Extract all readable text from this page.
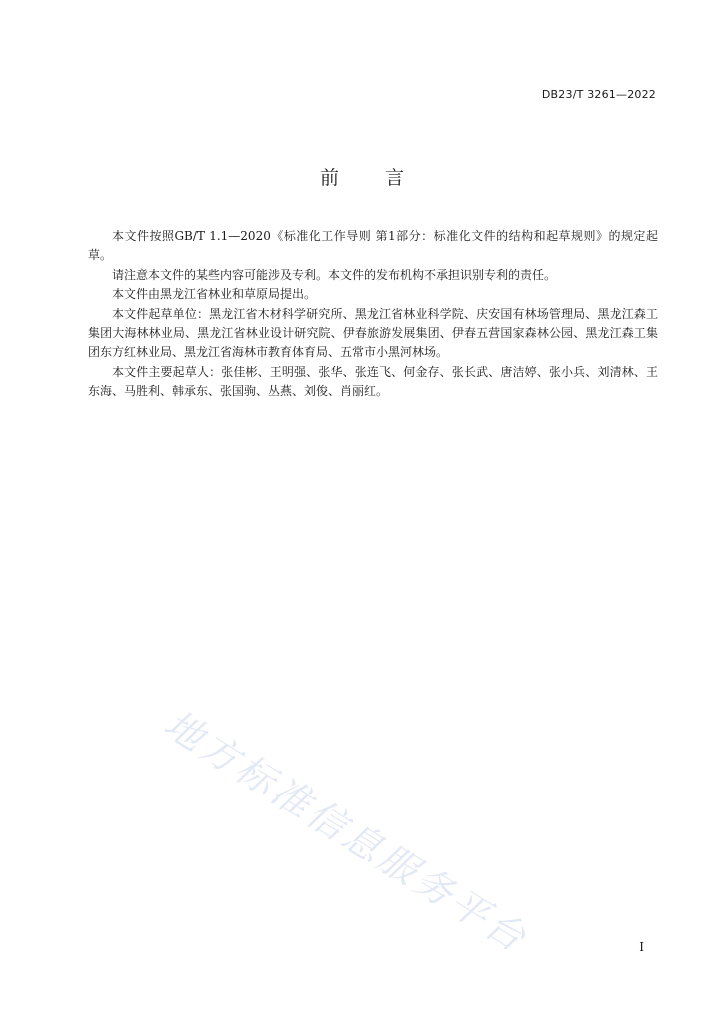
DB23/T 3261—2022
前 言

本文件按照GB/T 1.1—2020《标准化工作导则 第1部分：标准化文件的结构和起草规则》的规定起草。

请注意本文件的某些内容可能涉及专利。本文件的发布机构不承担识别专利的责任。

本文件由黑龙江省林业和草原局提出。

本文件起草单位：黑龙江省木材科学研究所、黑龙江省林业科学院、庆安国有林场管理局、黑龙江森工集团大海林林业局、黑龙江省林业设计研究院、伊春旅游发展集团、伊春五营国家森林公园、黑龙江森工集团东方红林业局、黑龙江省海林市教育体育局、五常市小黑河林场。

本文件主要起草人：张佳彬、王明强、张华、张连飞、何金存、张长武、唐洁婷、张小兵、刘清林、王东海、马胜利、韩承东、张国驹、丛燕、刘俊、肖丽红。

地方标准信息服务平台	I
